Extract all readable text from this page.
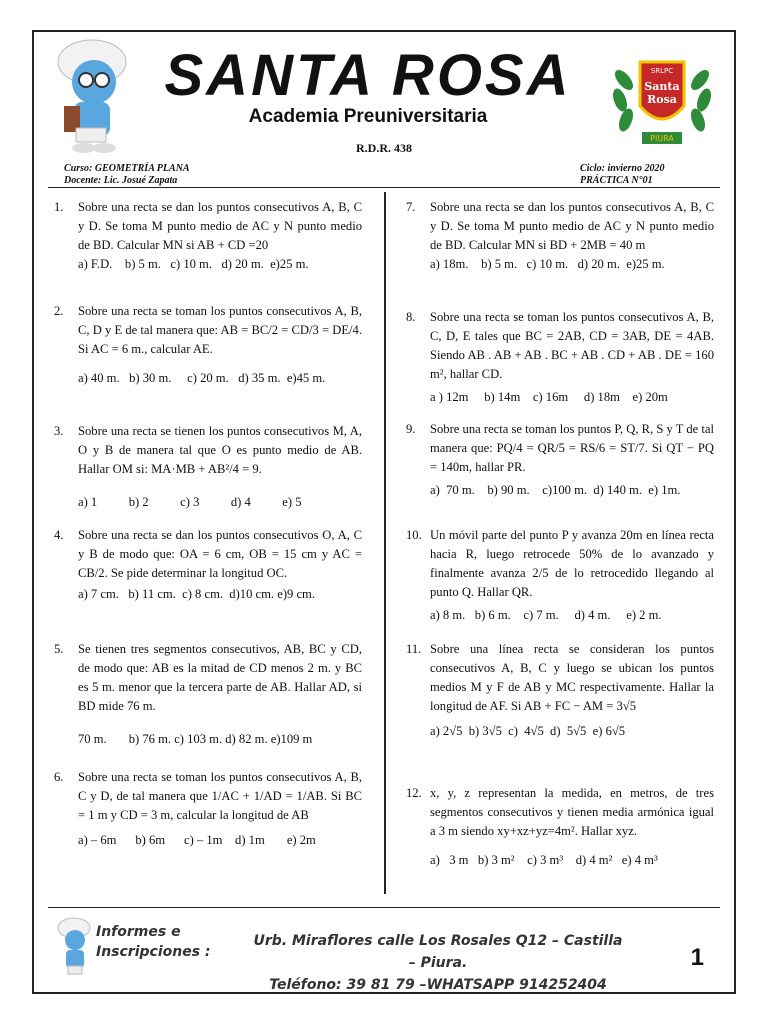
SANTA ROSA
Academia Preuniversitaria
SRLPC
Santa
Rosa
PIURA
R.D.R. 438
Curso: GEOMETRÍA PLANA
Docente: Lic. Josué Zapata
Ciclo: invierno 2020
PRÁCTICA N°01
1. Sobre una recta se dan los puntos consecutivos A, B, C y D. Se toma M punto medio de AC y N punto medio de BD. Calcular MN si AB + CD =20

a) F.D.    b) 5 m.   c) 10 m.   d) 20 m.  e)25 m.

2. Sobre una recta se toman los puntos consecutivos A, B, C, D y E de tal manera que: AB = BC/2 = CD/3 = DE/4. Si AC = 6 m., calcular AE.

a) 40 m.   b) 30 m.     c) 20 m.   d) 35 m.  e)45 m.

3. Sobre una recta se tienen los puntos consecutivos M, A, O y B de manera tal que O es punto medio de AB. Hallar OM si: MA·MB + AB²/4 = 9.

a) 1          b) 2          c) 3          d) 4          e) 5

4. Sobre una recta se dan los puntos consecutivos O, A, C y B de modo que: OA = 6 cm, OB = 15 cm y AC = CB/2. Se pide determinar la longitud OC.

a) 7 cm.   b) 11 cm.  c) 8 cm.  d)10 cm. e)9 cm.

5. Se tienen tres segmentos consecutivos, AB, BC y CD, de modo que: AB es la mitad de CD menos 2 m. y BC es 5 m. menor que la tercera parte de AB. Hallar AD, si BD mide 76 m.

70 m.       b) 76 m. c) 103 m. d) 82 m. e)109 m

6. Sobre una recta se toman los puntos consecutivos A, B, C y D, de tal manera que 1/AC + 1/AD = 1/AB. Si BC = 1 m y CD = 3 m, calcular la longitud de AB

a) – 6m      b) 6m      c) – 1m    d) 1m       e) 2m

7. Sobre una recta se dan los puntos consecutivos A, B, C y D. Se toma M punto medio de AC y N punto medio de BD. Calcular MN si BD + 2MB = 40 m

a) 18m.    b) 5 m.   c) 10 m.   d) 20 m.  e)25 m.

8. Sobre una recta se toman los puntos consecutivos A, B, C, D, E tales que BC = 2AB, CD = 3AB, DE = 4AB. Siendo AB . AB + AB . BC + AB . CD + AB . DE = 160 m², hallar CD.

a ) 12m     b) 14m    c) 16m     d) 18m    e) 20m

9. Sobre una recta se toman los puntos P, Q, R, S y T de tal manera que: PQ/4 = QR/5 = RS/6 = ST/7. Si QT − PQ = 140m, hallar PR.

a)  70 m.    b) 90 m.    c)100 m.  d) 140 m.  e) 1m.

10. Un móvil parte del punto P y avanza 20m en línea recta hacia R, luego retrocede 50% de lo avanzado y finalmente avanza 2/5 de lo retrocedido llegando al punto Q. Hallar QR.

a) 8 m.   b) 6 m.    c) 7 m.     d) 4 m.     e) 2 m.

11. Sobre una línea recta se consideran los puntos consecutivos A, B, C y luego se ubican los puntos medios M y F de AB y MC respectivamente. Hallar la longitud de AF. Si AB + FC − AM = 3√5

a) 2√5  b) 3√5  c)  4√5  d)  5√5  e) 6√5

12. x, y, z representan la medida, en metros, de tres segmentos consecutivos y tienen media armónica igual a 3 m siendo xy+xz+yz=4m². Hallar xyz.

a)   3 m   b) 3 m²    c) 3 m³    d) 4 m²   e) 4 m³

Informes e
Inscripciones :
Urb. Miraflores calle Los Rosales Q12 – Castilla – Piura.
Teléfono: 39 81 79 –WHATSAPP 914252404
1
